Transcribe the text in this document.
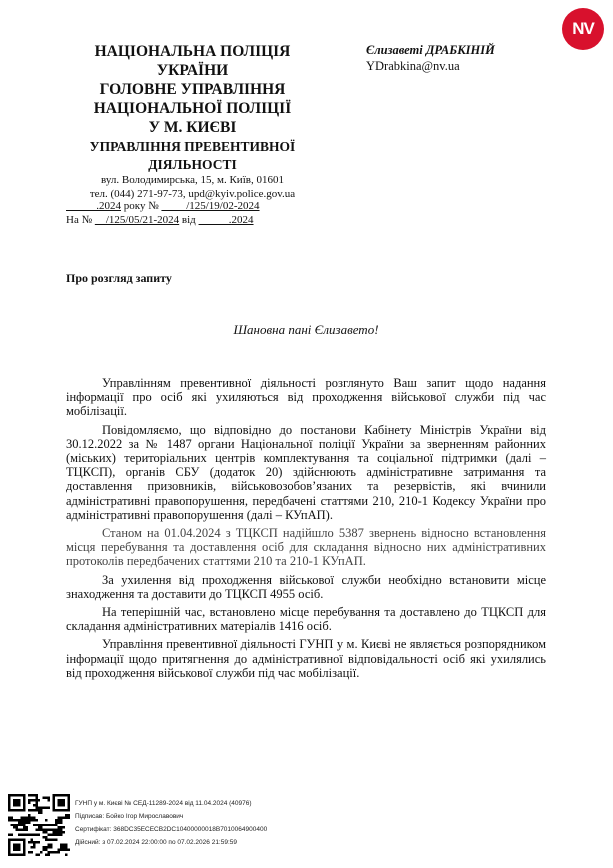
NV
НАЦІОНАЛЬНА ПОЛІЦІЯ
УКРАЇНИ
ГОЛОВНЕ УПРАВЛІННЯ
НАЦІОНАЛЬНОЇ ПОЛІЦІЇ
У М. КИЄВІ
УПРАВЛІННЯ ПРЕВЕНТИВНОЇ
ДІЯЛЬНОСТІ
вул. Володимирська, 15, м. Київ, 01601
тел. (044) 271-97-73, upd@kyiv.police.gov.ua
.2024 року № /125/19/02-2024
На № /125/05/21-2024 від .2024
Єлизаветі ДРАБКІНІЙ
YDrabkina@nv.ua
Про розгляд запиту
Шановна пані Єлизавето!

Управлінням превентивної діяльності розглянуто Ваш запит щодо надання інформації про осіб які ухиляються від проходження військової служби під час мобілізації.

Повідомляємо, що відповідно до постанови Кабінету Міністрів України від 30.12.2022 за № 1487 органи Національної поліції України за зверненням районних (міських) територіальних центрів комплектування та соціальної підтримки (далі – ТЦКСП), органів СБУ (додаток 20) здійснюють адміністративне затримання та доставлення призовників, військовозобов’язаних та резервістів, які вчинили адміністративні правопорушення, передбачені статтями 210, 210-1 Кодексу України про адміністративні правопорушення (далі – КУпАП).

Станом на 01.04.2024 з ТЦКСП надійшло 5387 звернень відносно встановлення місця перебування та доставлення осіб для складання відносно них адміністративних протоколів передбачених статтями 210 та 210-1 КУпАП.

За ухилення від проходження військової служби необхідно встановити місце знаходження та доставити до ТЦКСП 4955 осіб.

На теперішній час, встановлено місце перебування та доставлено до ТЦКСП для складання адміністративних матеріалів 1416 осіб.

Управління превентивної діяльності ГУНП у м. Києві не являється розпорядником інформації щодо притягнення до адміністративної відповідальності осіб які ухилялись від проходження військової служби під час мобілізації.

ГУНП у м. Києві № СЕД-11289-2024 від 11.04.2024 (40976)
Підписав: Бойко Ігор Мирославович
Сертифікат: 368DC35ECECB2DC10400000018B7010064900400
Дійсний: з 07.02.2024 22:00:00 по 07.02.2026 21:59:59
